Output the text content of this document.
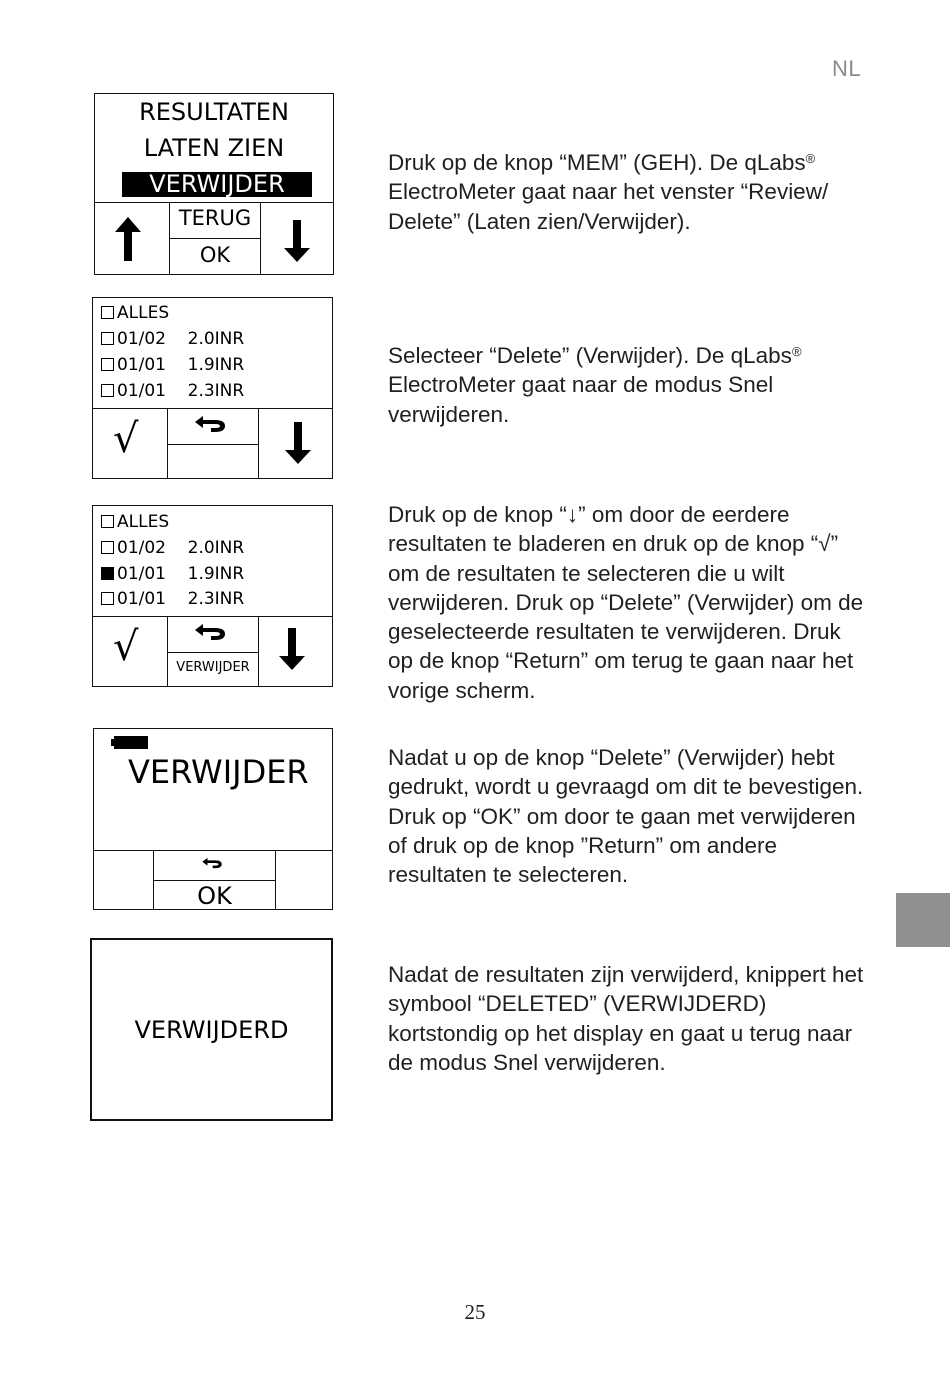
NL
RESULTATEN
LATEN ZIEN
VERWIJDER
TERUG
OK
Druk op de knop “MEM” (GEH). De qLabs® ElectroMeter gaat naar het venster “Review/ Delete” (Laten zien/Verwijder).
ALLES
01/02 2.0INR
01/01 1.9INR
01/01 2.3INR
√
Selecteer “Delete” (Verwijder). De qLabs® ElectroMeter gaat naar de modus Snel verwijderen.
ALLES
01/02 2.0INR
01/01 1.9INR
01/01 2.3INR
√	VERWIJDER
Druk op de knop “↓” om door de eerdere resultaten te bladeren en druk op de knop “√” om de resultaten te selecteren die u wilt verwijderen. Druk op “Delete” (Verwijder) om de geselecteerde resultaten te verwijderen. Druk op de knop “Return” om terug te gaan naar het vorige scherm.
VERWIJDER
OK
Nadat u op de knop “Delete” (Verwijder) hebt gedrukt, wordt u gevraagd om dit te bevestigen. Druk op “OK” om door te gaan met verwijderen of druk op de knop ”Return” om andere resultaten te selecteren.
VERWIJDERD
Nadat de resultaten zijn verwijderd, knippert het symbool “DELETED” (VERWIJDERD) kortstondig op het display en gaat u terug naar de modus Snel verwijderen.
25
